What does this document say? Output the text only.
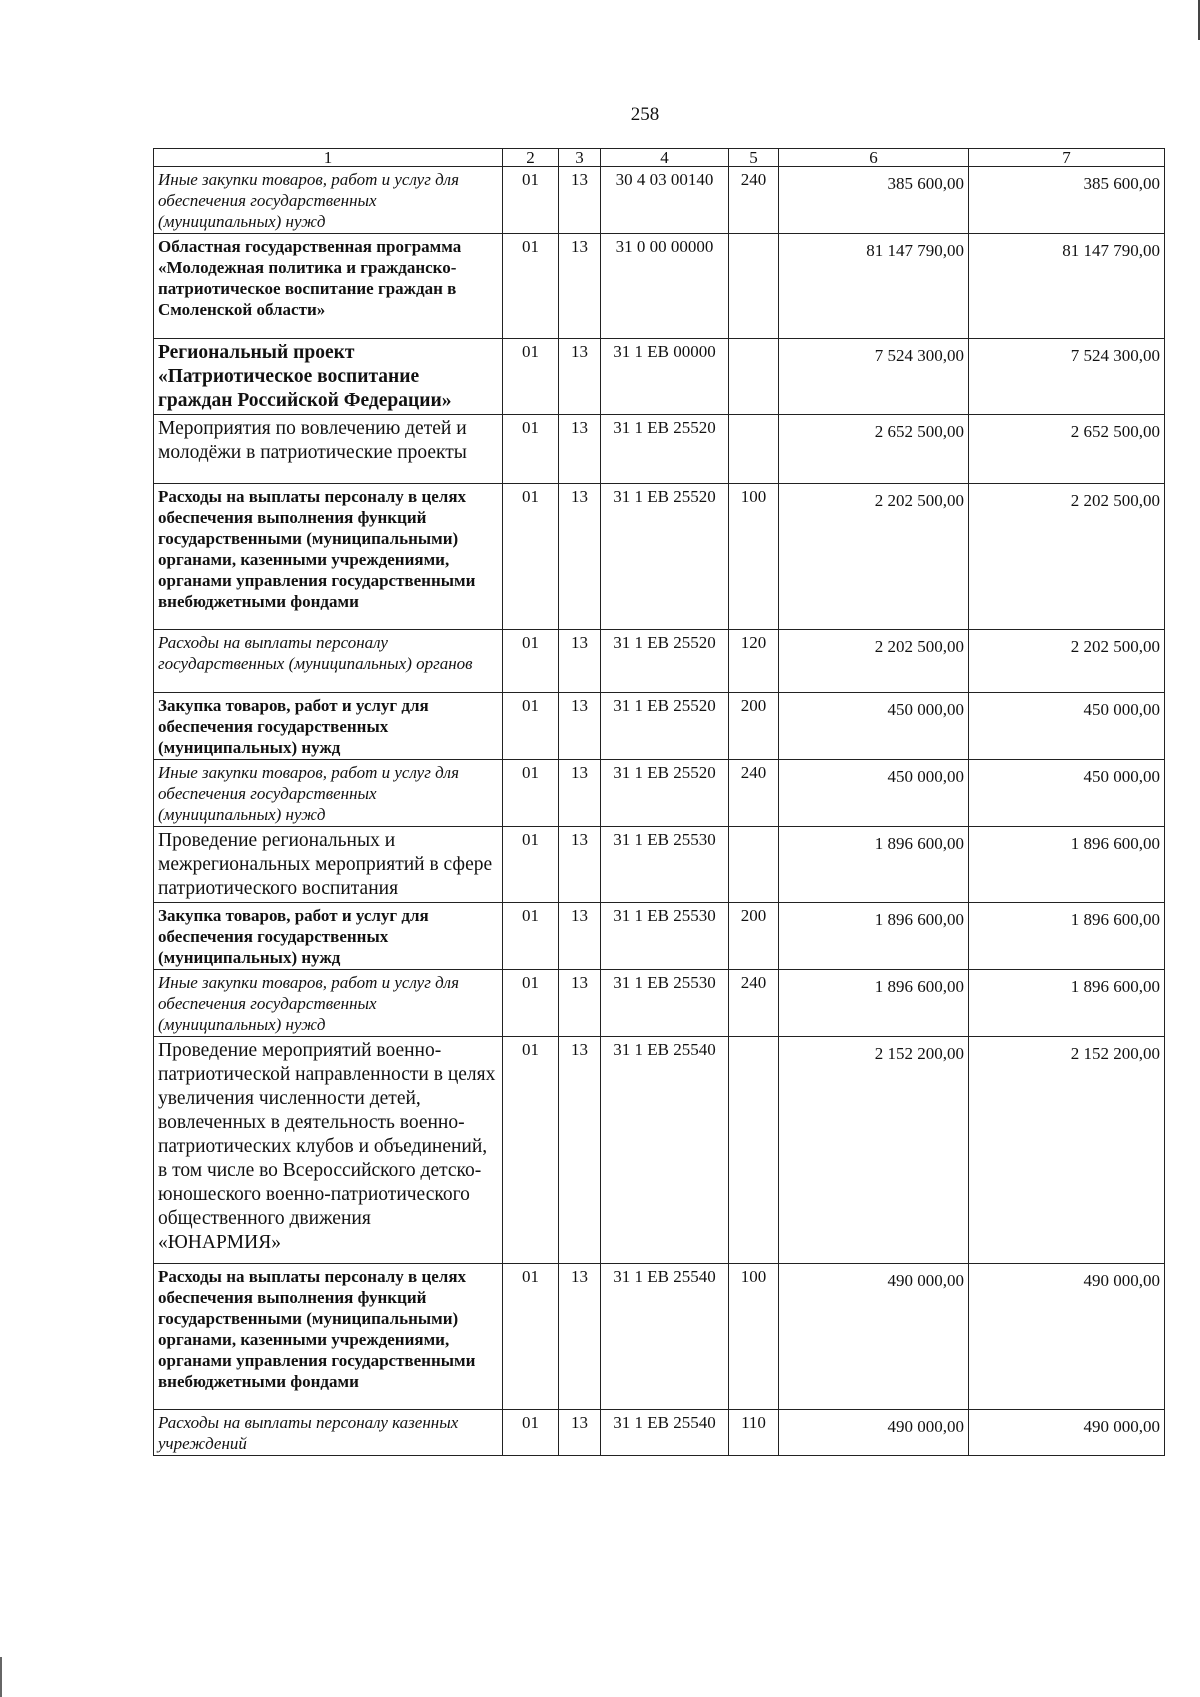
258
1	2	3	4	5	6	7
Иные закупки товаров, работ и услуг для обеспечения государственных (муниципальных) нужд	01	13	30 4 03 00140	240	385 600,00	385 600,00
Областная государственная программа «Молодежная политика и гражданско-патриотическое воспитание граждан в Смоленской области»	01	13	31 0 00 00000		81 147 790,00	81 147 790,00
Региональный проект «Патриотическое воспитание граждан Российской Федерации»	01	13	31 1 ЕВ 00000		7 524 300,00	7 524 300,00
Мероприятия по вовлечению детей и молодёжи в патриотические проекты	01	13	31 1 ЕВ 25520		2 652 500,00	2 652 500,00
Расходы на выплаты персоналу в целях обеспечения выполнения функций государственными (муниципальными) органами, казенными учреждениями, органами управления государственными внебюджетными фондами	01	13	31 1 ЕВ 25520	100	2 202 500,00	2 202 500,00
Расходы на выплаты персоналу государственных (муниципальных) органов	01	13	31 1 ЕВ 25520	120	2 202 500,00	2 202 500,00
Закупка товаров, работ и услуг для обеспечения государственных (муниципальных) нужд	01	13	31 1 ЕВ 25520	200	450 000,00	450 000,00
Иные закупки товаров, работ и услуг для обеспечения государственных (муниципальных) нужд	01	13	31 1 ЕВ 25520	240	450 000,00	450 000,00
Проведение региональных и межрегиональных мероприятий в сфере патриотического воспитания	01	13	31 1 ЕВ 25530		1 896 600,00	1 896 600,00
Закупка товаров, работ и услуг для обеспечения государственных (муниципальных) нужд	01	13	31 1 ЕВ 25530	200	1 896 600,00	1 896 600,00
Иные закупки товаров, работ и услуг для обеспечения государственных (муниципальных) нужд	01	13	31 1 ЕВ 25530	240	1 896 600,00	1 896 600,00
Проведение мероприятий военно-патриотической направленности в целях увеличения численности детей, вовлеченных в деятельность военно-патриотических клубов и объединений, в том числе во Всероссийского детско-юношеского военно-патриотического общественного движения «ЮНАРМИЯ»	01	13	31 1 ЕВ 25540		2 152 200,00	2 152 200,00
Расходы на выплаты персоналу в целях обеспечения выполнения функций государственными (муниципальными) органами, казенными учреждениями, органами управления государственными внебюджетными фондами	01	13	31 1 ЕВ 25540	100	490 000,00	490 000,00
Расходы на выплаты персоналу казенных учреждений	01	13	31 1 ЕВ 25540	110	490 000,00	490 000,00
